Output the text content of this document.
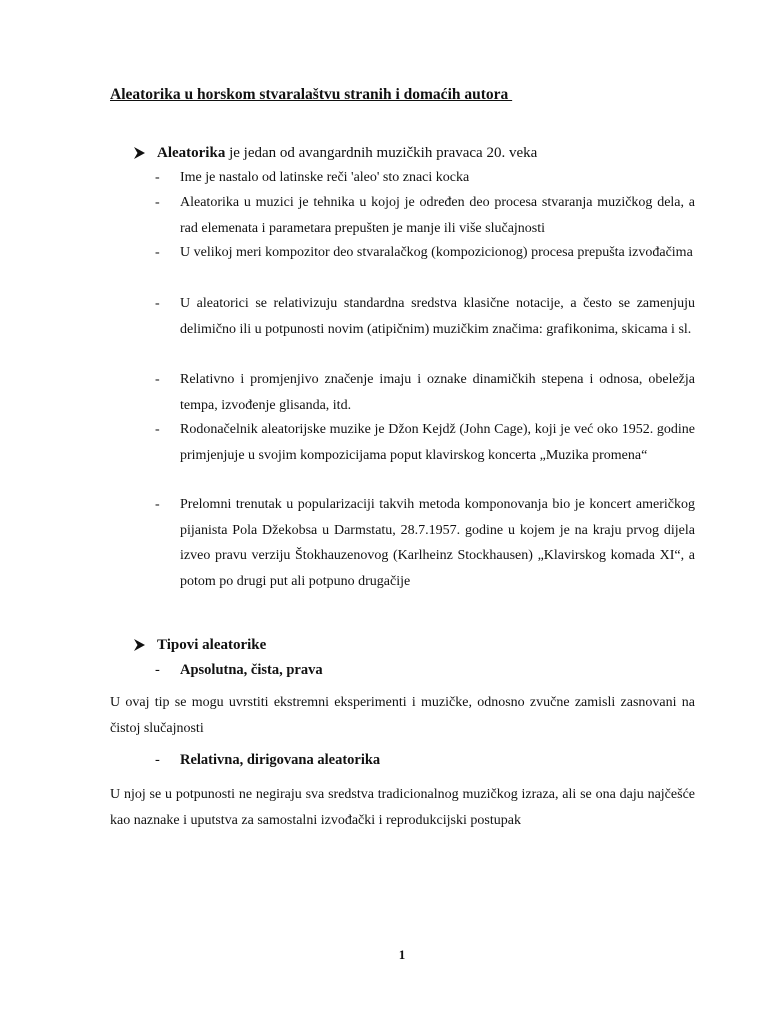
Aleatorika u horskom stvaralaštvu stranih i domaćih autora
Aleatorika je jedan od avangardnih muzičkih pravaca 20. veka
- Ime je nastalo od latinske reči 'aleo' sto znaci kocka
- Aleatorika u muzici je tehnika u kojoj je određen deo procesa stvaranja muzičkog dela, a rad elemenata i parametara prepušten je manje ili više slučajnosti
- U velikoj meri kompozitor deo stvaralačkog (kompozicionog) procesa prepušta izvođačima
- U aleatorici se relativizuju standardna sredstva klasične notacije, a često se zamenjuju delimično ili u potpunosti novim (atipičnim) muzičkim značima: grafikonima, skicama i sl.
- Relativno i promjenjivo značenje imaju i oznake dinamičkih stepena i odnosa, obeležja tempa, izvođenje glisanda, itd.
- Rodonačelnik aleatorijske muzike je Džon Kejdž (John Cage), koji je već oko 1952. godine primjenjuje u svojim kompozicijama poput klavirskog koncerta „Muzika promena“
- Prelomni trenutak u popularizaciji takvih metoda komponovanja bio je koncert američkog pijanista Pola Džekobsa u Darmstatu, 28.7.1957. godine u kojem je na kraju prvog dijela izveo pravu verziju Štokhauzenovog (Karlheinz Stockhausen) „Klavirskog komada XI“, a potom po drugi put ali potpuno drugačije
Tipovi aleatorike
- Apsolutna, čista, prava
U ovaj tip se mogu uvrstiti ekstremni eksperimenti i muzičke, odnosno zvučne zamisli zasnovani na čistoj slučajnosti
- Relativna, dirigovana aleatorika
U njoj se u potpunosti ne negiraju sva sredstva tradicionalnog muzičkog izraza, ali se ona daju najčešće kao naznake i uputstva za samostalni izvođački i reprodukcijski postupak
1
